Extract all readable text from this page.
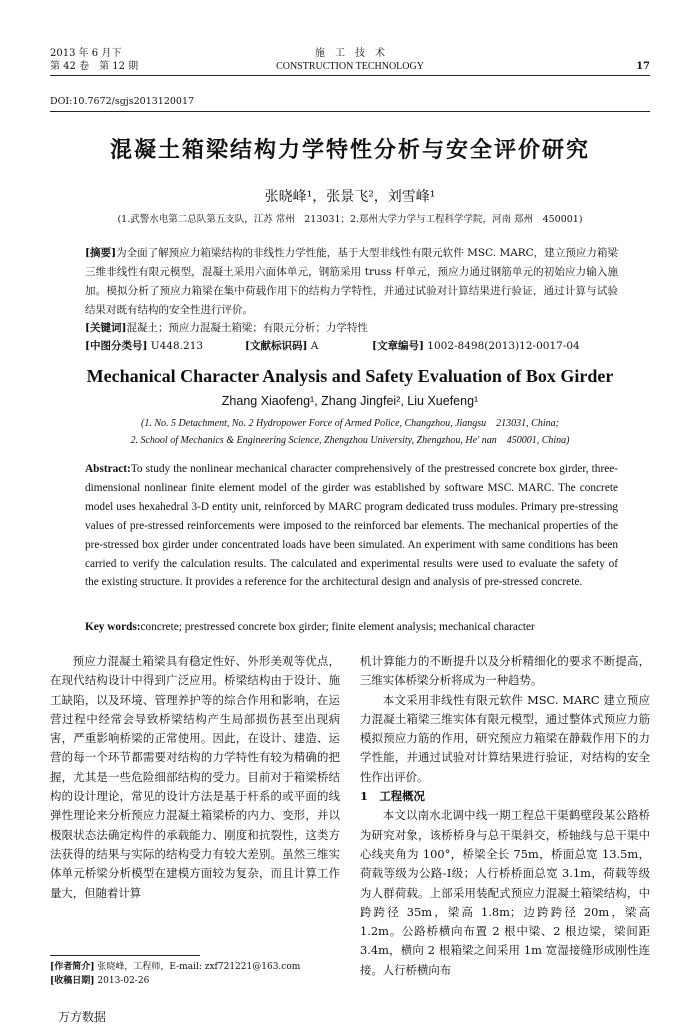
2013 年 6 月下
第 42 卷　第 12 期
施　工　技　术
CONSTRUCTION TECHNOLOGY	17
DOI:10.7672/sgjs2013120017
混凝土箱梁结构力学特性分析与安全评价研究
张晓峰¹，张景飞²，刘雪峰¹
(1.武警水电第二总队第五支队，江苏 常州　213031；2.郑州大学力学与工程科学学院，河南 郑州　450001)
[摘要]为全面了解预应力箱梁结构的非线性力学性能，基于大型非线性有限元软件 MSC. MARC，建立预应力箱梁三维非线性有限元模型，混凝土采用六面体单元，钢筋采用 truss 杆单元，预应力通过钢筋单元的初始应力输入施加。模拟分析了预应力箱梁在集中荷载作用下的结构力学特性，并通过试验对计算结果进行验证，通过计算与试验结果对既有结构的安全性进行评价。
[关键词]混凝土；预应力混凝土箱梁；有限元分析；力学特性
[中图分类号] U448.213	[文献标识码] A	[文章编号] 1002-8498(2013)12-0017-04
Mechanical Character Analysis and Safety Evaluation of Box Girder
Zhang Xiaofeng¹, Zhang Jingfei², Liu Xuefeng¹
(1. No. 5 Detachment, No. 2 Hydropower Force of Armed Police, Changzhou, Jiangsu　213031, China;
2. School of Mechanics & Engineering Science, Zhengzhou University, Zhengzhou, He' nan　450001, China)
Abstract:To study the nonlinear mechanical character comprehensively of the prestressed concrete box girder, three-dimensional nonlinear finite element model of the girder was established by software MSC. MARC. The concrete model uses hexahedral 3-D entity unit, reinforced by MARC program dedicated truss modules. Primary pre-stressing values of pre-stressed reinforcements were imposed to the reinforced bar elements. The mechanical properties of the pre-stressed box girder under concentrated loads have been simulated. An experiment with same conditions has been carried to verify the calculation results. The calculated and experimental results were used to evaluate the safety of the existing structure. It provides a reference for the architectural design and analysis of pre-stressed concrete.
Key words:concrete; prestressed concrete box girder; finite element analysis; mechanical character

预应力混凝土箱梁具有稳定性好、外形美观等优点，在现代结构设计中得到广泛应用。桥梁结构由于设计、施工缺陷，以及环境、管理养护等的综合作用和影响，在运营过程中经常会导致桥梁结构产生局部损伤甚至出现病害，严重影响桥梁的正常使用。因此，在设计、建造、运营的每一个环节都需要对结构的力学特性有较为精确的把握，尤其是一些危险细部结构的受力。目前对于箱梁桥结构的设计理论，常见的设计方法是基于杆系的或平面的线弹性理论来分析预应力混凝土箱梁桥的内力、变形，并以极限状态法确定构件的承载能力、刚度和抗裂性，这类方法获得的结果与实际的结构受力有较大差别。虽然三维实体单元桥梁分析模型在建模方面较为复杂，而且计算工作量大，但随着计算

机计算能力的不断提升以及分析精细化的要求不断提高，三维实体桥梁分析将成为一种趋势。

本文采用非线性有限元软件 MSC. MARC 建立预应力混凝土箱梁三维实体有限元模型，通过整体式预应力筋模拟预应力筋的作用，研究预应力箱梁在静载作用下的力学性能，并通过试验对计算结果进行验证，对结构的安全性作出评价。

1　工程概况

本文以南水北调中线一期工程总干渠鹤壁段某公路桥为研究对象，该桥桥身与总干渠斜交，桥轴线与总干渠中心线夹角为 100°，桥梁全长 75m，桥面总宽 13.5m，荷载等级为公路-Ⅰ级；人行桥桥面总宽 3.1m，荷载等级为人群荷载。上部采用装配式预应力混凝土箱梁结构，中跨跨径 35m，梁高 1.8m；边跨跨径 20m，梁高 1.2m。公路桥横向布置 2 根中梁、2 根边梁，梁间距 3.4m，横向 2 根箱梁之间采用 1m 宽湿接缝形成刚性连接。人行桥横向布

[作者简介] 张晓峰，工程师，E-mail: zxf721221@163.com
[收稿日期] 2013-02-26
万方数据
